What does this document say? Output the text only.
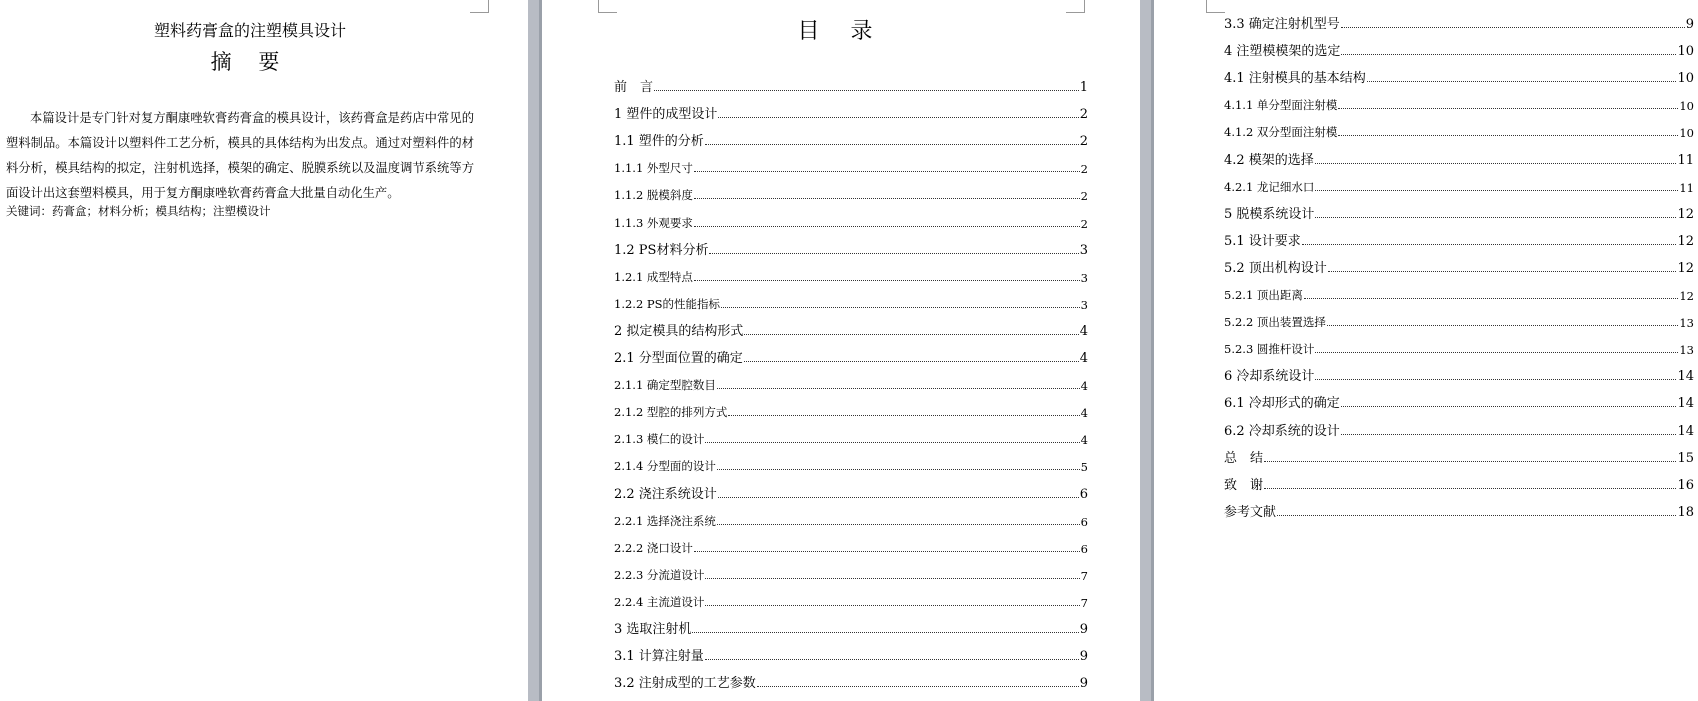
塑料药膏盒的注塑模具设计
摘 要
本篇设计是专门针对复方酮康唑软膏药膏盒的模具设计，该药膏盒是药店中常见的塑料制品。本篇设计以塑料件工艺分析，模具的具体结构为出发点。通过对塑料件的材料分析，模具结构的拟定，注射机选择，模架的确定、脱膜系统以及温度调节系统等方面设计出这套塑料模具，用于复方酮康唑软膏药膏盒大批量自动化生产。
关键词：药膏盒；材料分析；模具结构；注塑模设计
目 录
前　言	1
1 塑件的成型设计	2
1.1 塑件的分析	2
1.1.1 外型尺寸	2
1.1.2 脱模斜度	2
1.1.3 外观要求	2
1.2 PS材料分析	3
1.2.1 成型特点	3
1.2.2 PS的性能指标	3
2 拟定模具的结构形式	4
2.1 分型面位置的确定	4
2.1.1 确定型腔数目	4
2.1.2 型腔的排列方式	4
2.1.3 模仁的设计	4
2.1.4 分型面的设计	5
2.2 浇注系统设计	6
2.2.1 选择浇注系统	6
2.2.2 浇口设计	6
2.2.3 分流道设计	7
2.2.4 主流道设计	7
3 选取注射机	9
3.1 计算注射量	9
3.2 注射成型的工艺参数	9
3.3 确定注射机型号	9
4 注塑模模架的选定	10
4.1 注射模具的基本结构	10
4.1.1 单分型面注射模	10
4.1.2 双分型面注射模	10
4.2 模架的选择	11
4.2.1 龙记细水口	11
5 脱模系统设计	12
5.1 设计要求	12
5.2 顶出机构设计	12
5.2.1 顶出距离	12
5.2.2 顶出装置选择	13
5.2.3 圆推杆设计	13
6 冷却系统设计	14
6.1 冷却形式的确定	14
6.2 冷却系统的设计	14
总　结	15
致　谢	16
参考文献	18
